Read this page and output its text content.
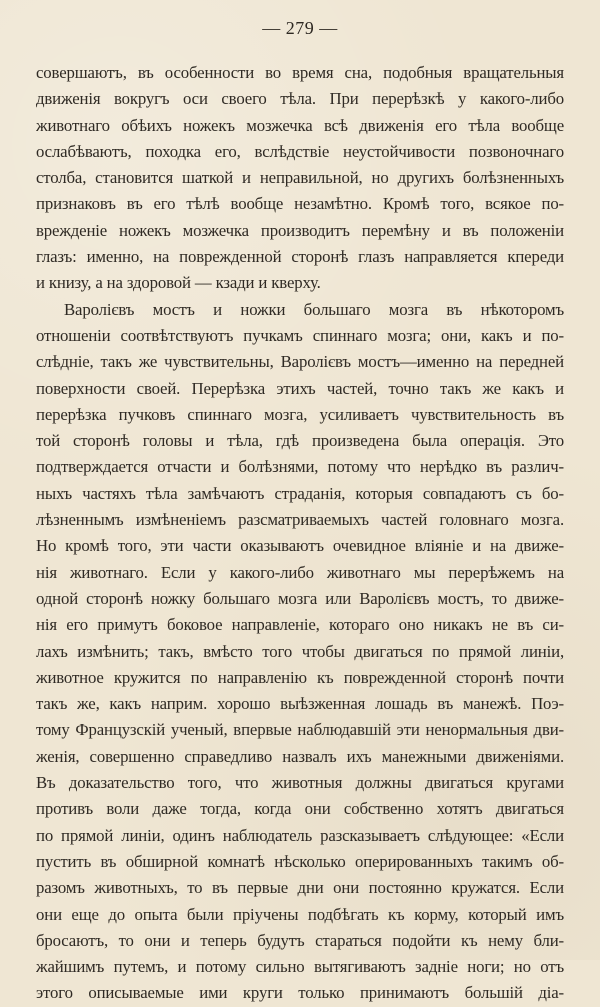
— 279 —
совершаютъ, въ особенности во время сна, подобныя вращательныя
движенія вокругъ оси своего тѣла. При перерѣзкѣ у какого-либо
животнаго обѣихъ ножекъ мозжечка всѣ движенія его тѣла вообще
ослабѣваютъ, походка его, вслѣдствіе неустойчивости позвоночнаго
столба, становится шаткой и неправильной, но другихъ болѣзненныхъ
признаковъ въ его тѣлѣ вообще незамѣтно. Кромѣ того, всякое по-
врежденіе ножекъ мозжечка производитъ перемѣну и въ положеніи
глазъ: именно, на поврежденной сторонѣ глазъ направляется кпереди
и книзу, а на здоровой — кзади и кверху.
Варолієвъ мостъ и ножки большаго мозга въ нѣкоторомъ
отношеніи соотвѣтствуютъ пучкамъ спиннаго мозга; они, какъ и по-
слѣдніе, такъ же чувствительны, Варолієвъ мостъ—именно на передней
поверхности своей. Перерѣзка этихъ частей, точно такъ же какъ и
перерѣзка пучковъ спиннаго мозга, усиливаетъ чувствительность въ
той сторонѣ головы и тѣла, гдѣ произведена была операція. Это
подтверждается отчасти и болѣзнями, потому что нерѣдко въ различ-
ныхъ частяхъ тѣла замѣчаютъ страданія, которыя совпадаютъ съ бо-
лѣзненнымъ измѣненіемъ разсматриваемыхъ частей головнаго мозга.
Но кромѣ того, эти части оказываютъ очевидное вліяніе и на движе-
нія животнаго. Если у какого-либо животнаго мы перерѣжемъ на
одной сторонѣ ножку большаго мозга или Варолієвъ мостъ, то движе-
нія его примутъ боковое направленіе, котораго оно никакъ не въ си-
лахъ измѣнить; такъ, вмѣсто того чтобы двигаться по прямой линіи,
животное кружится по направленію къ поврежденной сторонѣ почти
такъ же, какъ наприм. хорошо выѣзженная лошадь въ манежѣ. Поэ-
тому Французскій ученый, впервые наблюдавшій эти ненормальныя дви-
женія, совершенно справедливо назвалъ ихъ манежными движеніями.
Въ доказательство того, что животныя должны двигаться кругами
противъ воли даже тогда, когда они собственно хотятъ двигаться
по прямой линіи, одинъ наблюдатель разсказываетъ слѣдующее: «Если
пустить въ обширной комнатѣ нѣсколько оперированныхъ такимъ об-
разомъ животныхъ, то въ первые дни они постоянно кружатся. Если
они еще до опыта были пріучены подбѣгать къ корму, который имъ
бросаютъ, то они и теперь будутъ стараться подойти къ нему бли-
жайшимъ путемъ, и потому сильно вытягиваютъ задніе ноги; но отъ
этого описываемые ими круги только принимаютъ большій діа-
